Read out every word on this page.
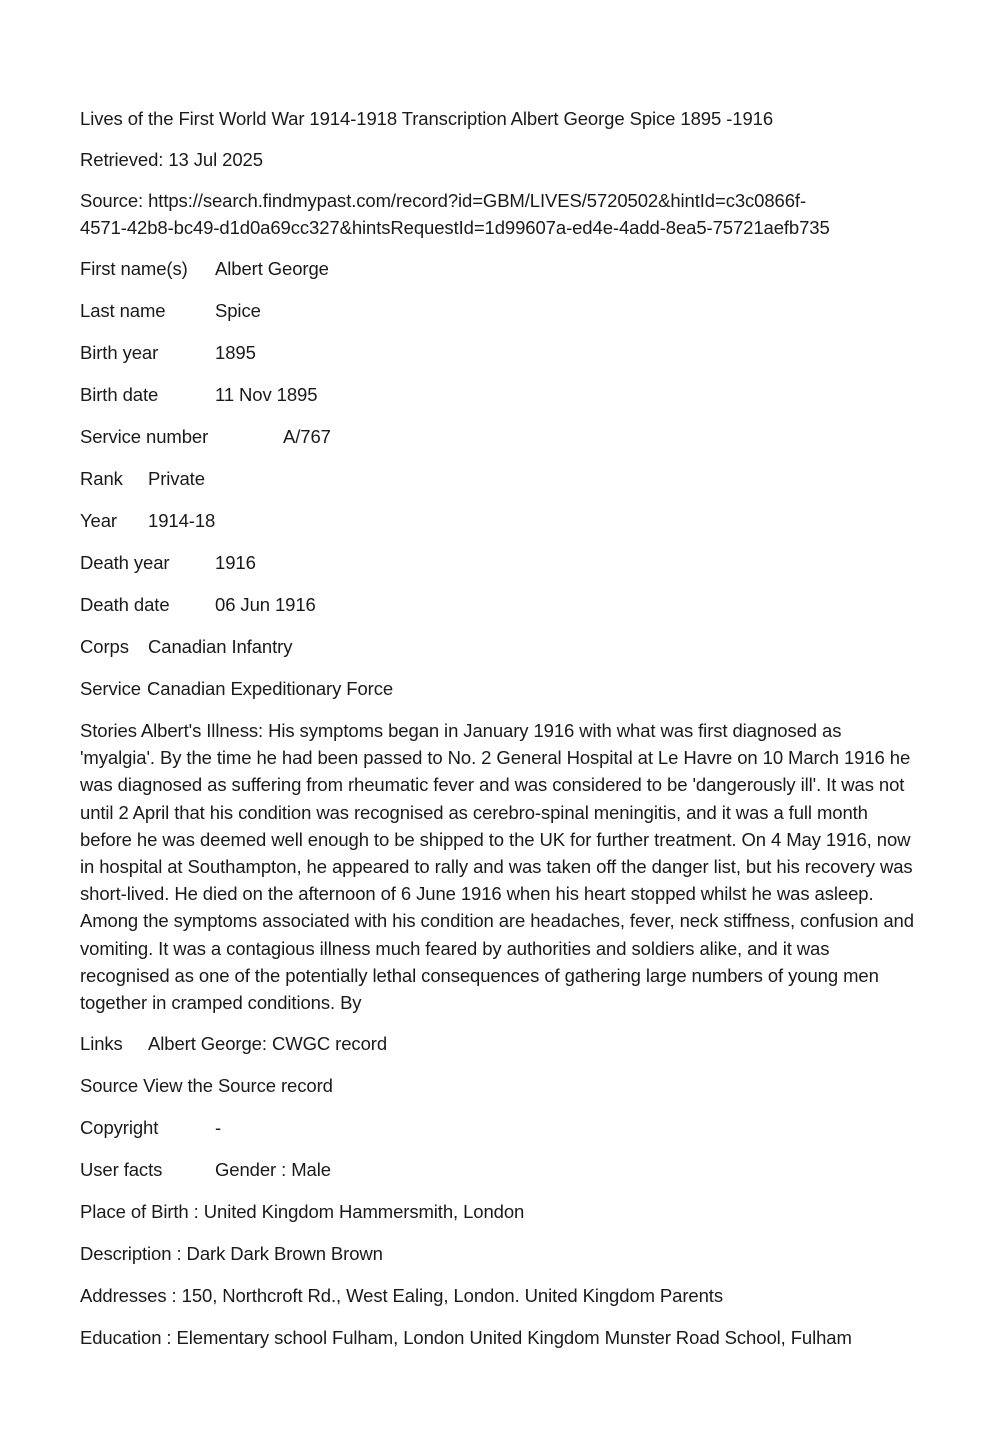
Lives of the First World War 1914-1918 Transcription Albert George Spice 1895 -1916
Retrieved: 13 Jul 2025
Source: https://search.findmypast.com/record?id=GBM/LIVES/5720502&hintId=c3c0866f-
4571-42b8-bc49-d1d0a69cc327&hintsRequestId=1d99607a-ed4e-4add-8ea5-75721aefb735
First name(s) Albert George
Last name	Spice
Birth year	1895
Birth date	11 Nov 1895
Service number	A/767
Rank Private
Year 1914-18
Death year 1916
Death date 06 Jun 1916
Corps Canadian Infantry
Service Canadian Expeditionary Force
Stories Albert's Illness: His symptoms began in January 1916 with what was first diagnosed as 'myalgia'. By the time he had been passed to No. 2 General Hospital at Le Havre on 10 March 1916 he was diagnosed as suffering from rheumatic fever and was considered to be 'dangerously ill'. It was not until 2 April that his condition was recognised as cerebro-spinal meningitis, and it was a full month before he was deemed well enough to be shipped to the UK for further treatment. On 4 May 1916, now in hospital at Southampton, he appeared to rally and was taken off the danger list, but his recovery was short-lived. He died on the afternoon of 6 June 1916 when his heart stopped whilst he was asleep. Among the symptoms associated with his condition are headaches, fever, neck stiffness, confusion and vomiting. It was a contagious illness much feared by authorities and soldiers alike, and it was recognised as one of the potentially lethal consequences of gathering large numbers of young men together in cramped conditions. By
Links Albert George: CWGC record
Source View the Source record
Copyright	-
User facts	Gender : Male
Place of Birth : United Kingdom Hammersmith, London
Description : Dark Dark Brown Brown
Addresses : 150, Northcroft Rd., West Ealing, London. United Kingdom Parents
Education : Elementary school Fulham, London United Kingdom Munster Road School, Fulham
